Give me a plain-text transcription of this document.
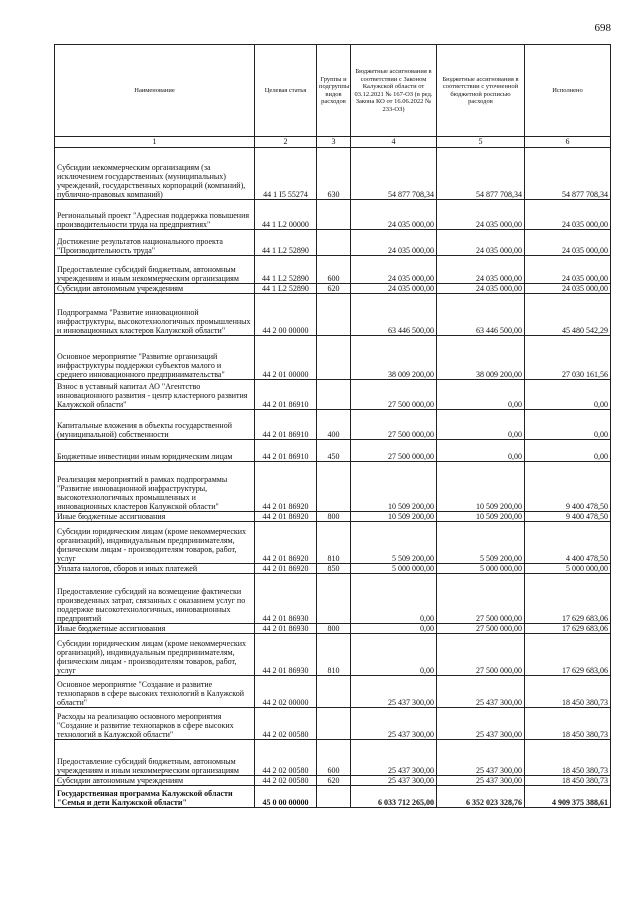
698
Наименование	Целевая статья	Группы и подгруппы видов расходов	Бюджетные ассигнования в соответствии с Законом Калужской области от 03.12.2021 № 167-ОЗ (в ред. Закона КО от 16.06.2022 № 233-ОЗ)	Бюджетные ассигнования в соответствии с уточненной бюджетной росписью расходов	Исполнено
1	2	3	4	5	6
Субсидии некоммерческим организациям (за исключением государственных (муниципальных) учреждений, государственных корпораций (компаний), публично-правовых компаний)	44 1 I5 55274	630	54 877 708,34	54 877 708,34	54 877 708,34
Региональный проект "Адресная поддержка повышения производительности труда на предприятиях"	44 1 L2 00000		24 035 000,00	24 035 000,00	24 035 000,00
Достижение результатов национального проекта "Производительность труда"	44 1 L2 52890		24 035 000,00	24 035 000,00	24 035 000,00
Предоставление субсидий бюджетным, автономным учреждениям и иным некоммерческим организациям	44 1 L2 52890	600	24 035 000,00	24 035 000,00	24 035 000,00
Субсидии автономным учреждениям	44 1 L2 52890	620	24 035 000,00	24 035 000,00	24 035 000,00
Подпрограмма "Развитие инновационной инфраструктуры, высокотехнологичных промышленных и инновационных кластеров Калужской области"	44 2 00 00000		63 446 500,00	63 446 500,00	45 480 542,29
Основное мероприятие "Развитие организаций инфраструктуры поддержки субъектов малого и среднего инновационного предпринимательства"	44 2 01 00000		38 009 200,00	38 009 200,00	27 030 161,56
Взнос в уставный капитал АО "Агентство инновационного развития - центр кластерного развития Калужской области"	44 2 01 86910		27 500 000,00	0,00	0,00
Капитальные вложения в объекты государственной (муниципальной) собственности	44 2 01 86910	400	27 500 000,00	0,00	0,00
Бюджетные инвестиции иным юридическим лицам	44 2 01 86910	450	27 500 000,00	0,00	0,00
Реализация мероприятий в рамках подпрограммы "Развитие инновационной инфраструктуры, высокотехнологичных промышленных и инновационных кластеров Калужской области"	44 2 01 86920		10 509 200,00	10 509 200,00	9 400 478,50
Иные бюджетные ассигнования	44 2 01 86920	800	10 509 200,00	10 509 200,00	9 400 478,50
Субсидии юридическим лицам (кроме некоммерческих организаций), индивидуальным предпринимателям, физическим лицам - производителям товаров, работ, услуг	44 2 01 86920	810	5 509 200,00	5 509 200,00	4 400 478,50
Уплата налогов, сборов и иных платежей	44 2 01 86920	850	5 000 000,00	5 000 000,00	5 000 000,00
Предоставление субсидий на возмещение фактически произведенных затрат, связанных с оказанием услуг по поддержке высокотехнологичных, инновационных предприятий	44 2 01 86930		0,00	27 500 000,00	17 629 683,06
Иные бюджетные ассигнования	44 2 01 86930	800	0,00	27 500 000,00	17 629 683,06
Субсидии юридическим лицам (кроме некоммерческих организаций), индивидуальным предпринимателям, физическим лицам - производителям товаров, работ, услуг	44 2 01 86930	810	0,00	27 500 000,00	17 629 683,06
Основное мероприятие "Создание и развитие технопарков в сфере высоких технологий в Калужской области"	44 2 02 00000		25 437 300,00	25 437 300,00	18 450 380,73
Расходы на реализацию основного мероприятия "Создание и развитие технопарков в сфере высоких технологий в Калужской области"	44 2 02 00580		25 437 300,00	25 437 300,00	18 450 380,73
Предоставление субсидий бюджетным, автономным учреждениям и иным некоммерческим организациям	44 2 02 00580	600	25 437 300,00	25 437 300,00	18 450 380,73
Субсидии автономным учреждениям	44 2 02 00580	620	25 437 300,00	25 437 300,00	18 450 380,73
Государственная программа Калужской области "Семья и дети Калужской области"	45 0 00 00000		6 033 712 265,00	6 352 023 328,76	4 909 375 388,61
